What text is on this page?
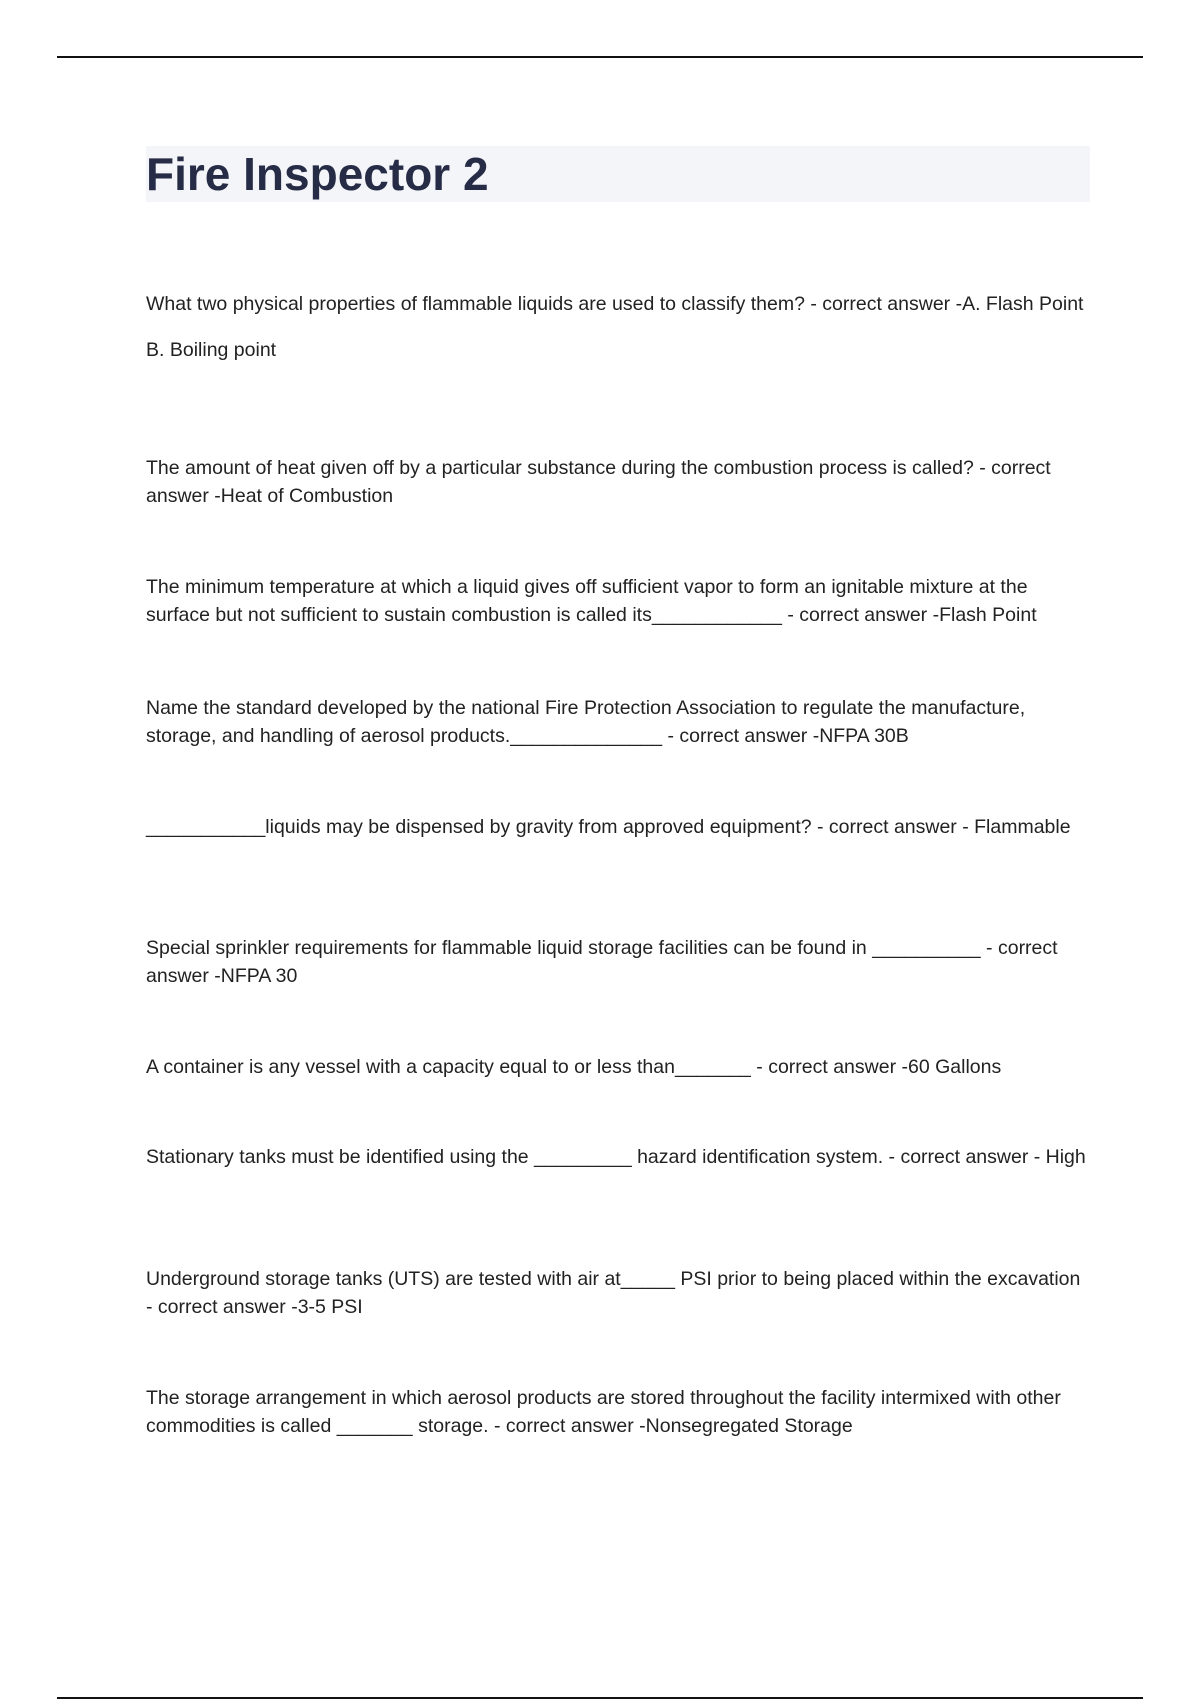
Fire Inspector 2

What two physical properties of flammable liquids are used to classify them? - correct answer -A. Flash Point

B. Boiling point

The amount of heat given off by a particular substance during the combustion process is called? - correct answer -Heat of Combustion

The minimum temperature at which a liquid gives off sufficient vapor to form an ignitable mixture at the surface but not sufficient to sustain combustion is called its____________ - correct answer -Flash Point

Name the standard developed by the national Fire Protection Association to regulate the manufacture, storage, and handling of aerosol products.______________ - correct answer -NFPA 30B

___________liquids may be dispensed by gravity from approved equipment? - correct answer - Flammable

Special sprinkler requirements for flammable liquid storage facilities can be found in __________ - correct answer -NFPA 30

A container is any vessel with a capacity equal to or less than_______ - correct answer -60 Gallons

Stationary tanks must be identified using the _________ hazard identification system. - correct answer - High

Underground storage tanks (UTS) are tested with air at_____ PSI prior to being placed within the excavation - correct answer -3-5 PSI

The storage arrangement in which aerosol products are stored throughout the facility intermixed with other commodities is called _______ storage. - correct answer -Nonsegregated Storage
